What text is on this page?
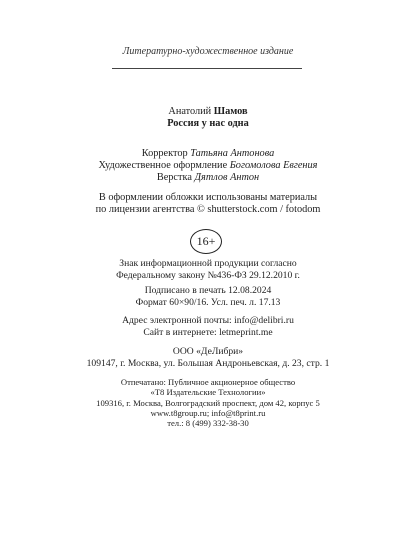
Литературно-художественное издание
Анатолий Шамов
Россия у нас одна
Корректор Татьяна Антонова
Художественное оформление Богомолова Евгения
Верстка Дятлов Антон
В оформлении обложки использованы материалы
по лицензии агентства © shutterstock.com / fotodom
16+
Знак информационной продукции согласно
Федеральному закону №436-ФЗ 29.12.2010 г.
Подписано в печать 12.08.2024
Формат 60×90/16. Усл. печ. л. 17.13
Адрес электронной почты: info@delibri.ru
Сайт в интернете: letmeprint.me
ООО «ДеЛибри»
109147, г. Москва, ул. Большая Андроньевская, д. 23, стр. 1
Отпечатано: Публичное акционерное общество
«T8 Издательские Технологии»
109316, г. Москва, Волгоградский проспект, дом 42, корпус 5
www.t8group.ru; info@t8print.ru
тел.: 8 (499) 332-38-30
